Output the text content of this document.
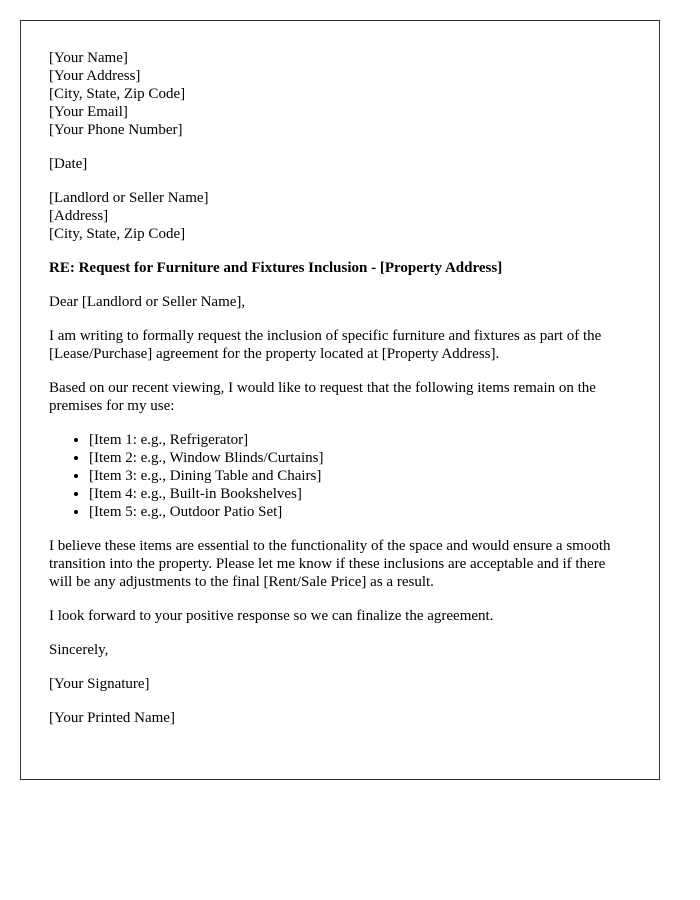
[Your Name]
[Your Address]
[City, State, Zip Code]
[Your Email]
[Your Phone Number]
[Date]
[Landlord or Seller Name]
[Address]
[City, State, Zip Code]

RE: Request for Furniture and Fixtures Inclusion - [Property Address]

Dear [Landlord or Seller Name],

I am writing to formally request the inclusion of specific furniture and fixtures as part of the [Lease/Purchase] agreement for the property located at [Property Address].

Based on our recent viewing, I would like to request that the following items remain on the premises for my use:

• [Item 1: e.g., Refrigerator]
• [Item 2: e.g., Window Blinds/Curtains]
• [Item 3: e.g., Dining Table and Chairs]
• [Item 4: e.g., Built-in Bookshelves]
• [Item 5: e.g., Outdoor Patio Set]

I believe these items are essential to the functionality of the space and would ensure a smooth transition into the property. Please let me know if these inclusions are acceptable and if there will be any adjustments to the final [Rent/Sale Price] as a result.

I look forward to your positive response so we can finalize the agreement.

Sincerely,

[Your Signature]

[Your Printed Name]
